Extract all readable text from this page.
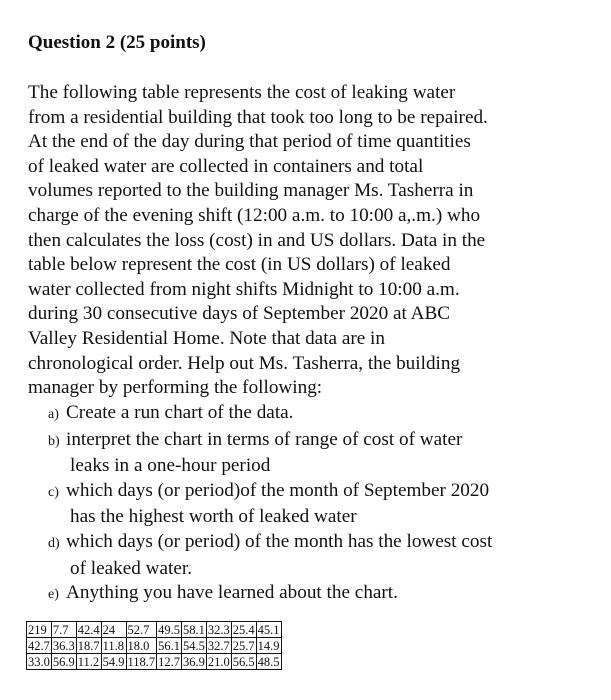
Question 2 (25 points)
The following table represents the cost of leaking water
from a residential building that took too long to be repaired.
At the end of the day during that period of time quantities
of leaked water are collected in containers and total
volumes reported to the building manager Ms. Tasherra in
charge of the evening shift (12:00 a.m. to 10:00 a,.m.) who
then calculates the loss (cost) in and US dollars. Data in the
table below represent the cost (in US dollars) of leaked
water collected from night shifts Midnight to 10:00 a.m.
during 30 consecutive days of September 2020 at ABC
Valley Residential Home. Note that data are in
chronological order. Help out Ms. Tasherra, the building
manager by performing the following:
a) Create a run chart of the data.
b) interpret the chart in terms of range of cost of water
leaks in a one-hour period
c) which days (or period)of the month of September 2020
has the highest worth of leaked water
d) which days (or period) of the month has the lowest cost
of leaked water.
e) Anything you have learned about the chart.
219	7.7	42.4	24	52.7	49.5	58.1	32.3	25.4	45.1
42.7	36.3	18.7	11.8	18.0	56.1	54.5	32.7	25.7	14.9
33.0	56.9	11.2	54.9	118.7	12.7	36.9	21.0	56.5	48.5
